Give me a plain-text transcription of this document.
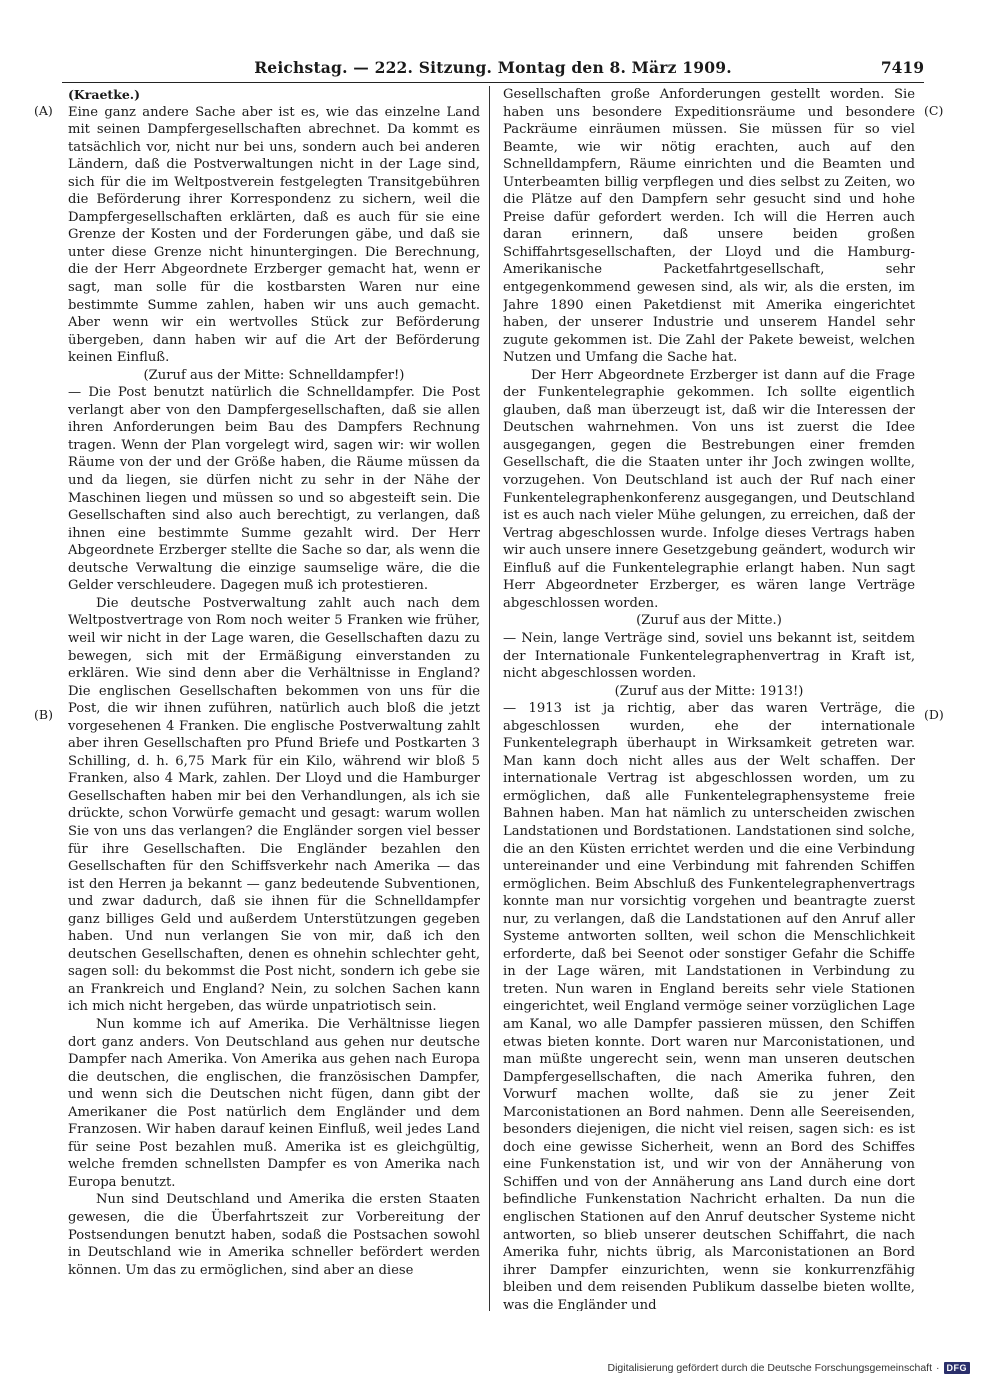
Reichstag. — 222. Sitzung. Montag den 8. März 1909.	7419
(A)
(B)
(C)
(D)

(Kraetke.)

Eine ganz andere Sache aber ist es, wie das einzelne Land mit seinen Dampfergesellschaften abrechnet. Da kommt es tatsächlich vor, nicht nur bei uns, sondern auch bei anderen Ländern, daß die Postverwaltungen nicht in der Lage sind, sich für die im Weltpostverein festgelegten Transitgebühren die Beförderung ihrer Korrespondenz zu sichern, weil die Dampfergesellschaften erklärten, daß es auch für sie eine Grenze der Kosten und der Forderungen gäbe, und daß sie unter diese Grenze nicht hinuntergingen. Die Berechnung, die der Herr Abgeordnete Erzberger gemacht hat, wenn er sagt, man solle für die kostbarsten Waren nur eine bestimmte Summe zahlen, haben wir uns auch gemacht. Aber wenn wir ein wertvolles Stück zur Beförderung übergeben, dann haben wir auf die Art der Beförderung keinen Einfluß.

(Zuruf aus der Mitte: Schnelldampfer!)

— Die Post benutzt natürlich die Schnelldampfer. Die Post verlangt aber von den Dampfergesellschaften, daß sie allen ihren Anforderungen beim Bau des Dampfers Rechnung tragen. Wenn der Plan vorgelegt wird, sagen wir: wir wollen Räume von der und der Größe haben, die Räume müssen da und da liegen, sie dürfen nicht zu sehr in der Nähe der Maschinen liegen und müssen so und so abgesteift sein. Die Gesellschaften sind also auch berechtigt, zu verlangen, daß ihnen eine bestimmte Summe gezahlt wird. Der Herr Abgeordnete Erzberger stellte die Sache so dar, als wenn die deutsche Verwaltung die einzige saumselige wäre, die die Gelder verschleudere. Dagegen muß ich protestieren.

Die deutsche Postverwaltung zahlt auch nach dem Weltpostvertrage von Rom noch weiter 5 Franken wie früher, weil wir nicht in der Lage waren, die Gesellschaften dazu zu bewegen, sich mit der Ermäßigung einverstanden zu erklären. Wie sind denn aber die Verhältnisse in England? Die englischen Gesellschaften bekommen von uns für die Post, die wir ihnen zuführen, natürlich auch bloß die jetzt vorgesehenen 4 Franken. Die englische Postverwaltung zahlt aber ihren Gesellschaften pro Pfund Briefe und Postkarten 3 Schilling, d. h. 6,75 Mark für ein Kilo, während wir bloß 5 Franken, also 4 Mark, zahlen. Der Lloyd und die Hamburger Gesellschaften haben mir bei den Verhandlungen, als ich sie drückte, schon Vorwürfe gemacht und gesagt: warum wollen Sie von uns das verlangen? die Engländer sorgen viel besser für ihre Gesellschaften. Die Engländer bezahlen den Gesellschaften für den Schiffsverkehr nach Amerika — das ist den Herren ja bekannt — ganz bedeutende Subventionen, und zwar dadurch, daß sie ihnen für die Schnelldampfer ganz billiges Geld und außerdem Unterstützungen gegeben haben. Und nun verlangen Sie von mir, daß ich den deutschen Gesellschaften, denen es ohnehin schlechter geht, sagen soll: du bekommst die Post nicht, sondern ich gebe sie an Frankreich und England? Nein, zu solchen Sachen kann ich mich nicht hergeben, das würde unpatriotisch sein.

Nun komme ich auf Amerika. Die Verhältnisse liegen dort ganz anders. Von Deutschland aus gehen nur deutsche Dampfer nach Amerika. Von Amerika aus gehen nach Europa die deutschen, die englischen, die französischen Dampfer, und wenn sich die Deutschen nicht fügen, dann gibt der Amerikaner die Post natürlich dem Engländer und dem Franzosen. Wir haben darauf keinen Einfluß, weil jedes Land für seine Post bezahlen muß. Amerika ist es gleichgültig, welche fremden schnellsten Dampfer es von Amerika nach Europa benutzt.

Nun sind Deutschland und Amerika die ersten Staaten gewesen, die die Überfahrtszeit zur Vorbereitung der Postsendungen benutzt haben, sodaß die Postsachen sowohl in Deutschland wie in Amerika schneller befördert werden können. Um das zu ermöglichen, sind aber an diese

Gesellschaften große Anforderungen gestellt worden. Sie haben uns besondere Expeditionsräume und besondere Packräume einräumen müssen. Sie müssen für so viel Beamte, wie wir nötig erachten, auch auf den Schnelldampfern, Räume einrichten und die Beamten und Unterbeamten billig verpflegen und dies selbst zu Zeiten, wo die Plätze auf den Dampfern sehr gesucht sind und hohe Preise dafür gefordert werden. Ich will die Herren auch daran erinnern, daß unsere beiden großen Schiffahrtsgesellschaften, der Lloyd und die Hamburg-Amerikanische Packetfahrtgesellschaft, sehr entgegenkommend gewesen sind, als wir, als die ersten, im Jahre 1890 einen Paketdienst mit Amerika eingerichtet haben, der unserer Industrie und unserem Handel sehr zugute gekommen ist. Die Zahl der Pakete beweist, welchen Nutzen und Umfang die Sache hat.

Der Herr Abgeordnete Erzberger ist dann auf die Frage der Funkentelegraphie gekommen. Ich sollte eigentlich glauben, daß man überzeugt ist, daß wir die Interessen der Deutschen wahrnehmen. Von uns ist zuerst die Idee ausgegangen, gegen die Bestrebungen einer fremden Gesellschaft, die die Staaten unter ihr Joch zwingen wollte, vorzugehen. Von Deutschland ist auch der Ruf nach einer Funkentelegraphenkonferenz ausgegangen, und Deutschland ist es auch nach vieler Mühe gelungen, zu erreichen, daß der Vertrag abgeschlossen wurde. Infolge dieses Vertrags haben wir auch unsere innere Gesetzgebung geändert, wodurch wir Einfluß auf die Funkentelegraphie erlangt haben. Nun sagt Herr Abgeordneter Erzberger, es wären lange Verträge abgeschlossen worden.

(Zuruf aus der Mitte.)

— Nein, lange Verträge sind, soviel uns bekannt ist, seitdem der Internationale Funkentelegraphenvertrag in Kraft ist, nicht abgeschlossen worden.

(Zuruf aus der Mitte: 1913!)

— 1913 ist ja richtig, aber das waren Verträge, die abgeschlossen wurden, ehe der internationale Funkentelegraph überhaupt in Wirksamkeit getreten war. Man kann doch nicht alles aus der Welt schaffen. Der internationale Vertrag ist abgeschlossen worden, um zu ermöglichen, daß alle Funkentelegraphensysteme freie Bahnen haben. Man hat nämlich zu unterscheiden zwischen Landstationen und Bordstationen. Landstationen sind solche, die an den Küsten errichtet werden und die eine Verbindung untereinander und eine Verbindung mit fahrenden Schiffen ermöglichen. Beim Abschluß des Funkentelegraphenvertrags konnte man nur vorsichtig vorgehen und beantragte zuerst nur, zu verlangen, daß die Landstationen auf den Anruf aller Systeme antworten sollten, weil schon die Menschlichkeit erforderte, daß bei Seenot oder sonstiger Gefahr die Schiffe in der Lage wären, mit Landstationen in Verbindung zu treten. Nun waren in England bereits sehr viele Stationen eingerichtet, weil England vermöge seiner vorzüglichen Lage am Kanal, wo alle Dampfer passieren müssen, den Schiffen etwas bieten konnte. Dort waren nur Marconistationen, und man müßte ungerecht sein, wenn man unseren deutschen Dampfergesellschaften, die nach Amerika fuhren, den Vorwurf machen wollte, daß sie zu jener Zeit Marconistationen an Bord nahmen. Denn alle Seereisenden, besonders diejenigen, die nicht viel reisen, sagen sich: es ist doch eine gewisse Sicherheit, wenn an Bord des Schiffes eine Funkenstation ist, und wir von der Annäherung von Schiffen und von der Annäherung ans Land durch eine dort befindliche Funkenstation Nachricht erhalten. Da nun die englischen Stationen auf den Anruf deutscher Systeme nicht antworten, so blieb unserer deutschen Schiffahrt, die nach Amerika fuhr, nichts übrig, als Marconistationen an Bord ihrer Dampfer einzurichten, wenn sie konkurrenzfähig bleiben und dem reisenden Publikum dasselbe bieten wollte, was die Engländer und

Digitalisierung gefördert durch die Deutsche Forschungsgemeinschaft · DFG
